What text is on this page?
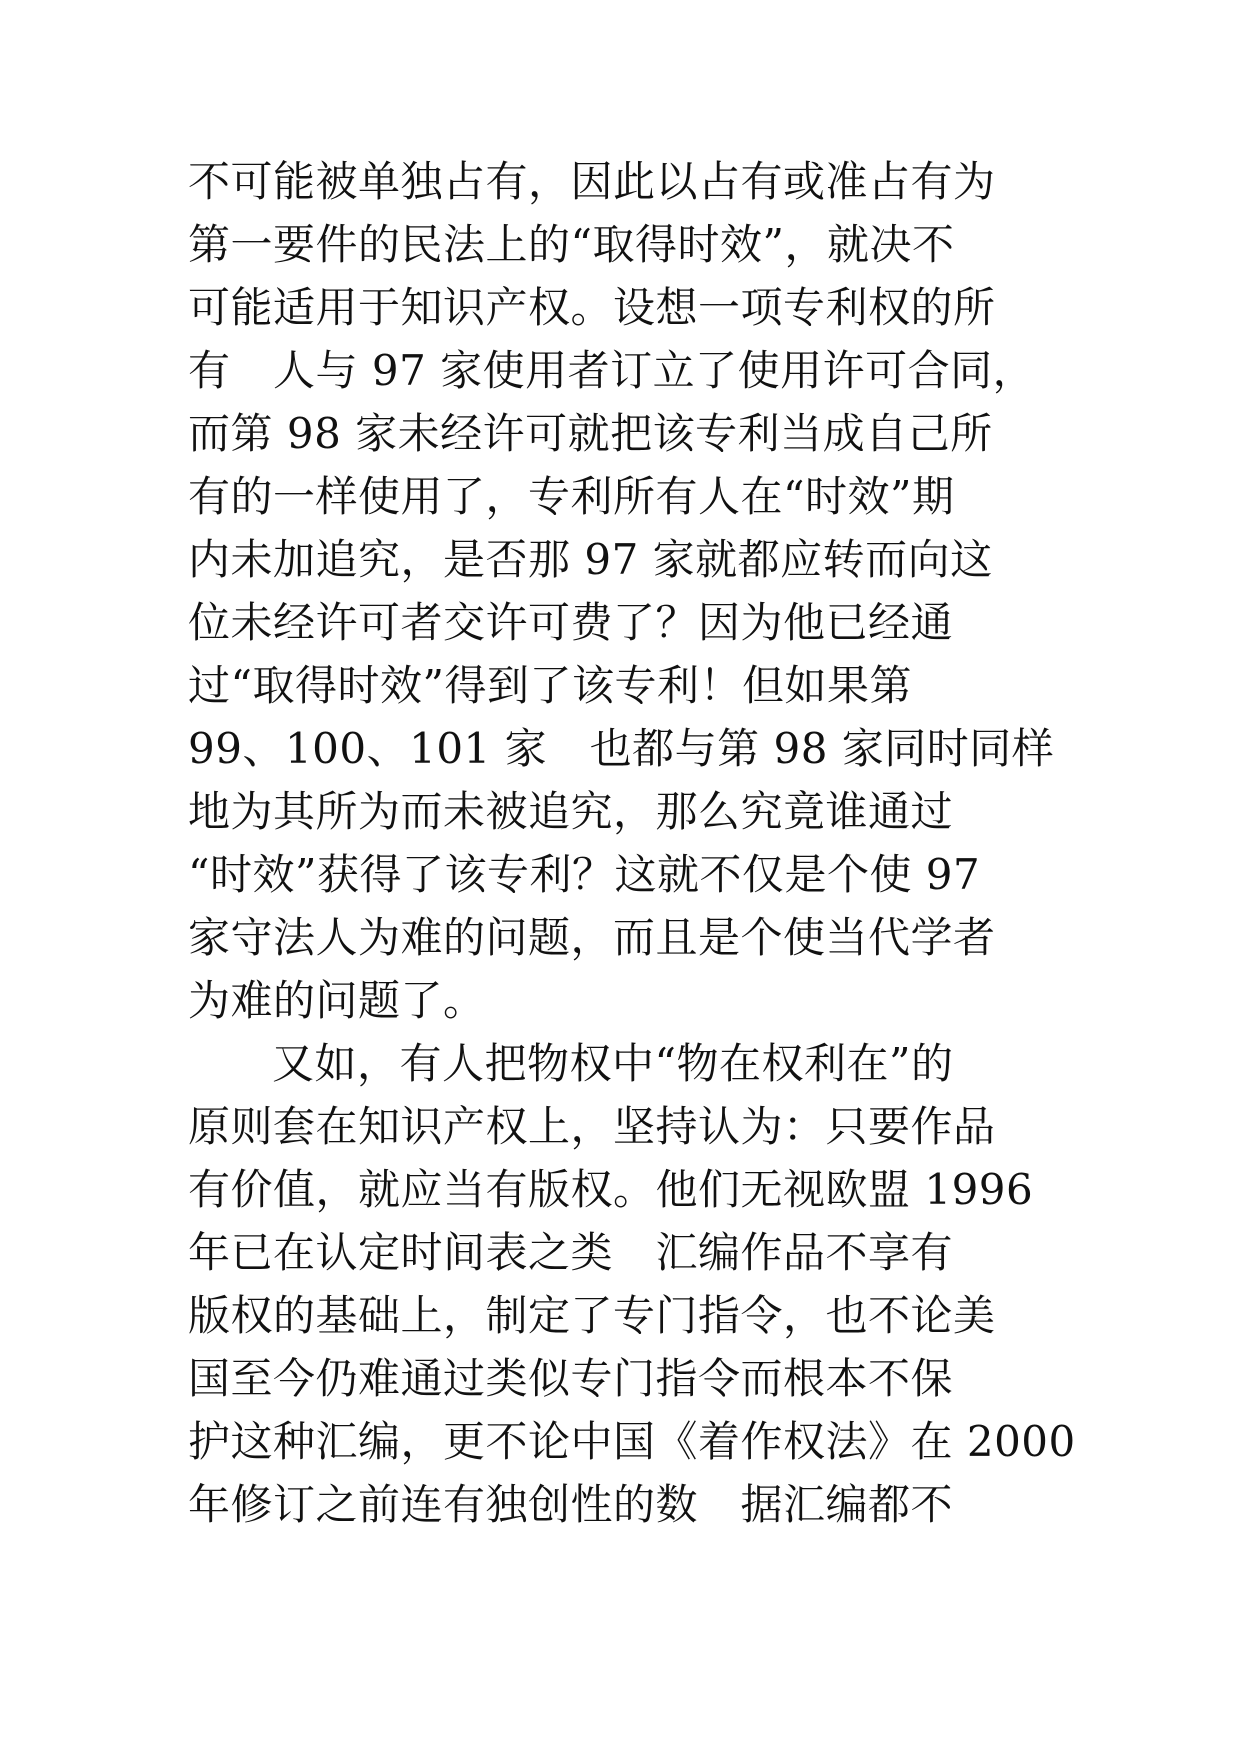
不可能被单独占有，因此以占有或准占有为
第一要件的民法上的“取得时效”，就决不
可能适用于知识产权。设想一项专利权的所
有　人与 97 家使用者订立了使用许可合同，
而第 98 家未经许可就把该专利当成自己所
有的一样使用了，专利所有人在“时效”期
内未加追究，是否那 97 家就都应转而向这
位未经许可者交许可费了？因为他已经通
过“取得时效”得到了该专利！但如果第
99、100、101 家　也都与第 98 家同时同样
地为其所为而未被追究，那么究竟谁通过
“时效”获得了该专利？这就不仅是个使 97
家守法人为难的问题，而且是个使当代学者
为难的问题了。
又如，有人把物权中“物在权利在”的
原则套在知识产权上，坚持认为：只要作品
有价值，就应当有版权。他们无视欧盟 1996
年已在认定时间表之类　汇编作品不享有
版权的基础上，制定了专门指令，也不论美
国至今仍难通过类似专门指令而根本不保
护这种汇编，更不论中国《着作权法》在 2000
年修订之前连有独创性的数　据汇编都不
